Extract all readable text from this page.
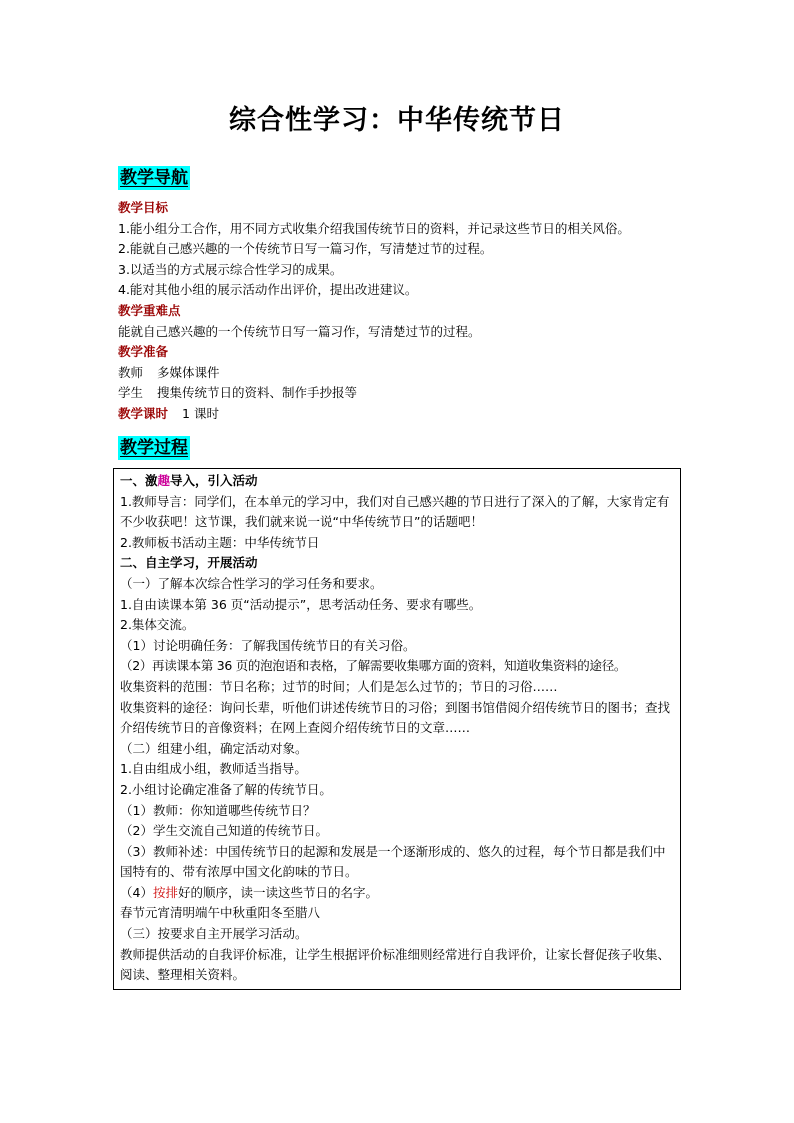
综合性学习：中华传统节日
教学导航
教学目标
1.能小组分工合作，用不同方式收集介绍我国传统节日的资料，并记录这些节日的相关风俗。
2.能就自己感兴趣的一个传统节日写一篇习作，写清楚过节的过程。
3.以适当的方式展示综合性学习的成果。
4.能对其他小组的展示活动作出评价，提出改进建议。
教学重难点
能就自己感兴趣的一个传统节日写一篇习作，写清楚过节的过程。
教学准备
教师 多媒体课件
学生 搜集传统节日的资料、制作手抄报等
教学课时 1 课时
教学过程
一、激趣导入，引入活动
1.教师导言：同学们，在本单元的学习中，我们对自己感兴趣的节日进行了深入的了解，大家肯定有不少收获吧！这节课，我们就来说一说“中华传统节日”的话题吧！
2.教师板书活动主题：中华传统节日
二、自主学习，开展活动
（一）了解本次综合性学习的学习任务和要求。
1.自由读课本第 36 页“活动提示”，思考活动任务、要求有哪些。
2.集体交流。
（1）讨论明确任务：了解我国传统节日的有关习俗。
（2）再读课本第 36 页的泡泡语和表格，了解需要收集哪方面的资料，知道收集资料的途径。
收集资料的范围：节日名称；过节的时间；人们是怎么过节的；节日的习俗……
收集资料的途径：询问长辈，听他们讲述传统节日的习俗；到图书馆借阅介绍传统节日的图书；查找介绍传统节日的音像资料；在网上查阅介绍传统节日的文章……
（二）组建小组，确定活动对象。
1.自由组成小组，教师适当指导。
2.小组讨论确定准备了解的传统节日。
（1）教师：你知道哪些传统节日？
（2）学生交流自己知道的传统节日。
（3）教师补述：中国传统节日的起源和发展是一个逐渐形成的、悠久的过程，每个节日都是我们中国特有的、带有浓厚中国文化韵味的节日。
（4）按排好的顺序，读一读这些节日的名字。
春节元宵清明端午中秋重阳冬至腊八
（三）按要求自主开展学习活动。
教师提供活动的自我评价标准，让学生根据评价标准细则经常进行自我评价，让家长督促孩子收集、阅读、整理相关资料。
